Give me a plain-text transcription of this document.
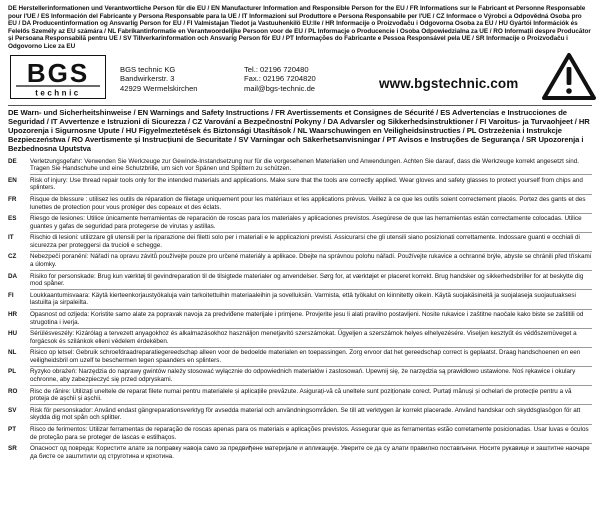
DE Herstellerinformationen und Verantwortliche Person für die EU / EN Manufacturer Information and Responsible Person for the EU / FR Informations sur le Fabricant et Personne Responsable pour l'UE / ES Información del Fabricante y Persona Responsable para la UE / IT Informazioni sul Produttore e Persona Responsabile per l'UE / CZ Informace o Výrobci a Odpovědná Osoba pro EU / DA Producentinformation og Ansvarlig Person for EU / FI Valmistajan Tiedot ja Vastuuhenkilö EU:lle / HR Informacije o Proizvođaču i Odgovorna Osoba za EU / HU Gyártói Információk és Felelős Személy az EU számára / NL Fabrikantinformatie en Verantwoordelijke Persoon voor de EU / PL Informacje o Producencie i Osoba Odpowiedzialna za UE / RO Informații despre Producător și Persoana Responsabilă pentru UE / SV Tillverkarinformation och Ansvarig Person för EU / PT Informações do Fabricante e Pessoa Responsável pela UE / SR Informacije o Proizvođaču i Odgovorno Lice za EU
BGS
technic
BGS technic KG
Bandwirkerstr. 3
42929 Wermelskirchen
Tel.: 02196 720480
Fax.: 02196 7204820
mail@bgs-technic.de	www.bgstechnic.com
DE Warn- und Sicherheitshinweise / EN Warnings and Safety Instructions / FR Avertissements et Consignes de Sécurité / ES Advertencias e Instrucciones de Seguridad / IT Avvertenze e Istruzioni di Sicurezza / CZ Varování a Bezpečnostní Pokyny / DA Advarsler og Sikkerhedsinstruktioner / FI Varoitus- ja Turvaohjeet / HR Upozorenja i Sigurnosne Upute / HU Figyelmeztetések és Biztonsági Utasítások / NL Waarschuwingen en Veiligheidsinstructies / PL Ostrzeżenia i Instrukcje Bezpieczeństwa / RO Avertismente și Instrucțiuni de Securitate / SV Varningar och Säkerhetsanvisningar / PT Avisos e Instruções de Segurança / SR Upozorenja i Bezbednosna Uputstva
DE	Verletzungsgefahr: Verwenden Sie Werkzeuge zur Gewinde-Instandsetzung nur für die vorgesehenen Materialien und Anwendungen. Achten Sie darauf, dass die Werkzeuge korrekt angesetzt sind. Tragen Sie Handschuhe und eine Schutzbrille, um sich vor Spänen und Splittern zu schützen.
EN	Risk of injury: Use thread repair tools only for the intended materials and applications. Make sure that the tools are correctly applied. Wear gloves and safety glasses to protect yourself from chips and splinters.
FR	Risque de blessure : utilisez les outils de réparation de filetage uniquement pour les matériaux et les applications prévus. Veillez à ce que les outils soient correctement placés. Portez des gants et des lunettes de protection pour vous protéger des copeaux et des éclats.
ES	Riesgo de lesiones: Utilice únicamente herramientas de reparación de roscas para los materiales y aplicaciones previstos. Asegúrese de que las herramientas están correctamente colocadas. Utilice guantes y gafas de seguridad para protegerse de virutas y astillas.
IT	Rischio di lesioni: utilizzare gli utensili per la riparazione dei filetti solo per i materiali e le applicazioni previsti. Assicurarsi che gli utensili siano posizionati correttamente. Indossare guanti e occhiali di sicurezza per proteggersi da trucioli e schegge.
CZ	Nebezpečí poranění: Nářadí na opravu závitů používejte pouze pro určené materiály a aplikace. Dbejte na správnou polohu nářadí. Používejte rukavice a ochranné brýle, abyste se chránili před třískami a úlomky.
DA	Risiko for personskade: Brug kun værktøj til gevindreparation til de tilsigtede materialer og anvendelser. Sørg for, at værktøjet er placeret korrekt. Brug handsker og sikkerhedsbriller for at beskytte dig mod spåner.
FI	Loukkaantumisvaara: Käytä kierteenkorjaustyökaluja vain tarkoitettuihin materiaaleihin ja sovelluksiin. Varmista, että työkalut on kiinnitetty oikein. Käytä suojakäsineitä ja suojalaseja suojautuaksesi lastuilta ja sirpaleilta.
HR	Opasnost od ozljeda: Koristite samo alate za popravak navoja za predviđene materijale i primjene. Provjerite jesu li alati pravilno postavljeni. Nosite rukavice i zaštitne naočale kako biste se zaštitili od strugotina i iverja.
HU	Sérülésveszély: Kizárólag a tervezett anyagokhoz és alkalmazásokhoz használjon menetjavító szerszámokat. Ügyeljen a szerszámok helyes elhelyezésére. Viseljen kesztyűt és védőszemüveget a forgácsok és szilánkok elleni védelem érdekében.
NL	Risico op letsel: Gebruik schroefdraadreparatiegereedschap alleen voor de bedoelde materialen en toepassingen. Zorg ervoor dat het gereedschap correct is geplaatst. Draag handschoenen en een veiligheidsbril om uzelf te beschermen tegen spaanders en splinters.
PL	Ryzyko obrażeń: Narzędzia do naprawy gwintów należy stosować wyłącznie do odpowiednich materiałów i zastosowań. Upewnij się, że narzędzia są prawidłowo ustawione. Noś rękawice i okulary ochronne, aby zabezpieczyć się przed odpryskami.
RO	Risc de rănire: Utilizați uneltele de reparat filete numai pentru materialele și aplicațiile prevăzute. Asigurați-vă că uneltele sunt poziționate corect. Purtați mănuși și ochelari de protecție pentru a vă proteja de așchii și așchii.
SV	Risk för personskador: Använd endast gängreparationsverktyg för avsedda material och användningsområden. Se till att verktygen är korrekt placerade. Använd handskar och skyddsglasögon för att skydda dig mot spån och splitter.
PT	Risco de ferimentos: Utilizar ferramentas de reparação de roscas apenas para os materiais e aplicações previstos. Assegurar que as ferramentas estão corretamente posicionadas. Usar luvas e óculos de proteção para se proteger de lascas e estilhaços.
SR	Опасност од повреда: Користите алате за поправку навоја само за предвиђене материјале и апликације. Уверите се да су алати правилно постављени. Носите рукавице и заштитне наочаре да бисте се заштитили од струготина и крхотина.
